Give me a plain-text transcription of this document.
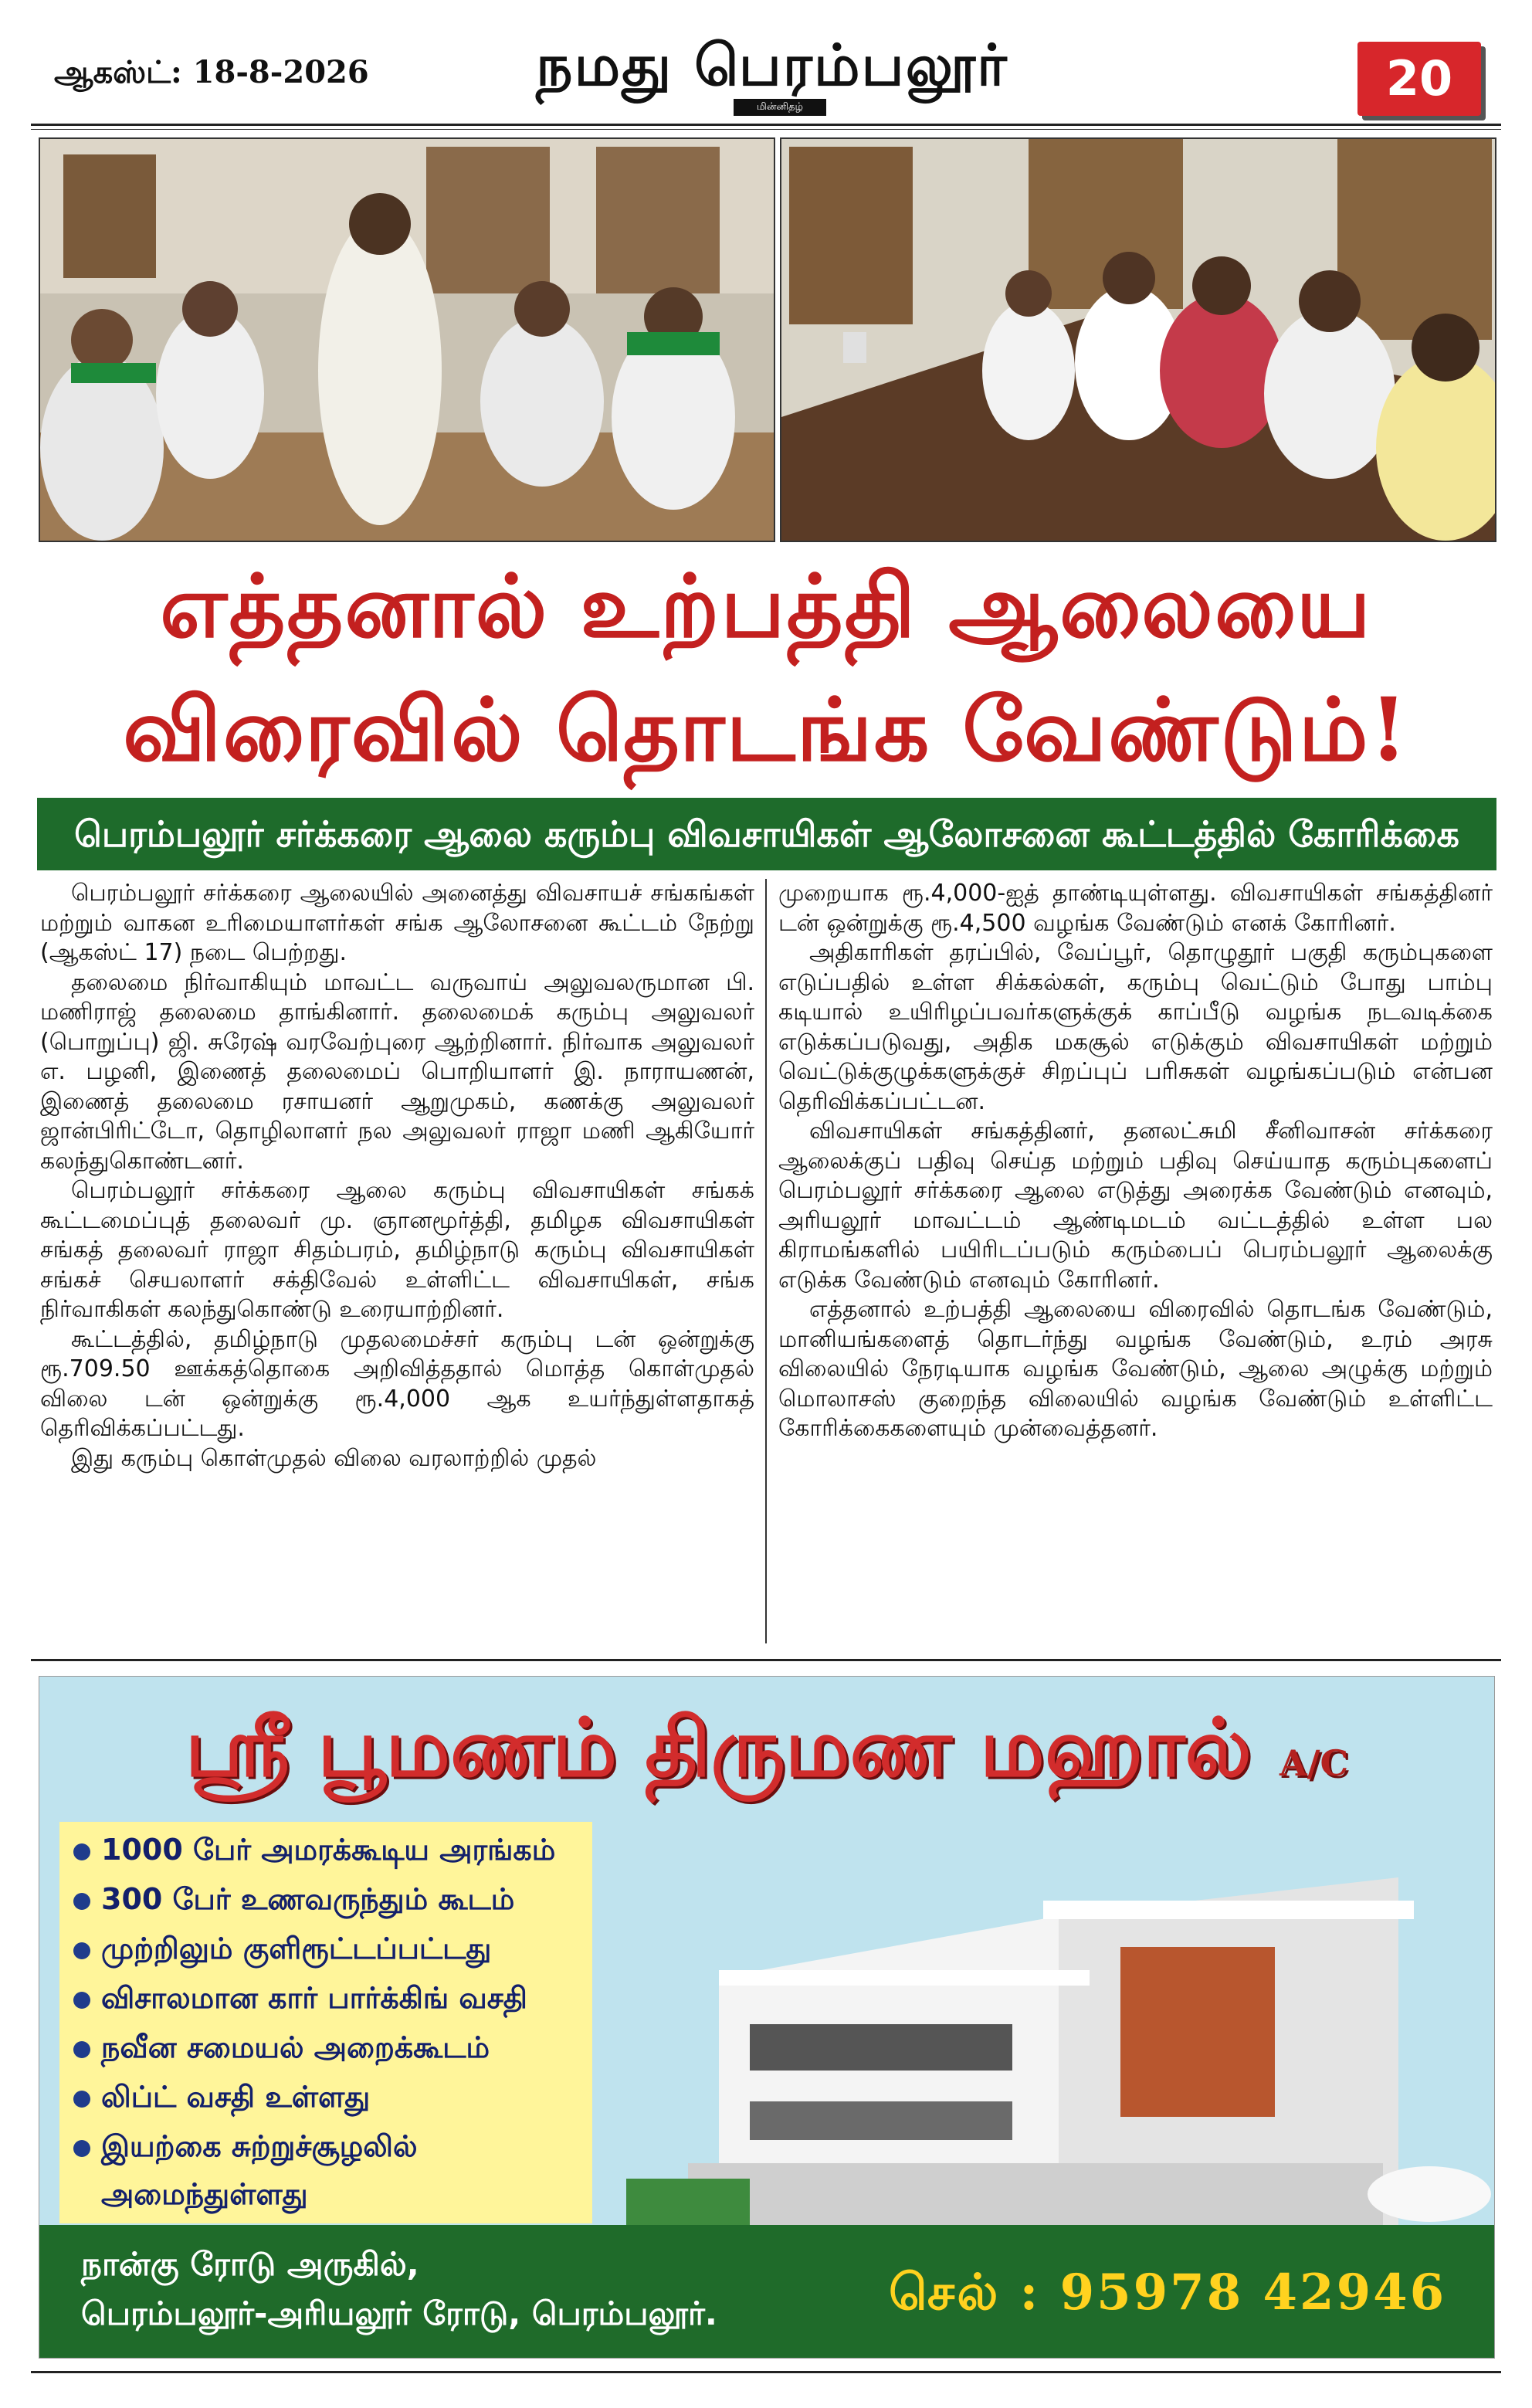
ஆகஸ்ட்: 18-8-2026	நமது பெரம்பலூர்
மின்னிதழ்
20
எத்தனால் உற்பத்தி ஆலையை
விரைவில் தொடங்க வேண்டும்!
பெரம்பலூர் சர்க்கரை ஆலை கரும்பு விவசாயிகள் ஆலோசனை கூட்டத்தில் கோரிக்கை

பெரம்பலூர் சர்க்கரை ஆலையில் அனைத்து விவசாயச் சங்கங்கள் மற்றும் வாகன உரிமையாளர்கள் சங்க ஆலோசனை கூட்டம் நேற்று (ஆகஸ்ட் 17) நடை பெற்றது.

தலைமை நிர்வாகியும் மாவட்ட வருவாய் அலுவலருமான பி. மணிராஜ் தலைமை தாங்கினார். தலைமைக் கரும்பு அலுவலர் (பொறுப்பு) ஜி. சுரேஷ் வரவேற்புரை ஆற்றினார். நிர்வாக அலுவலர் எ. பழனி, இணைத் தலைமைப் பொறியாளர் இ. நாராயணன், இணைத் தலைமை ரசாயனர் ஆறுமுகம், கணக்கு அலுவலர் ஜான்பிரிட்டோ, தொழிலாளர் நல அலுவலர் ராஜா மணி ஆகியோர் கலந்துகொண்டனர்.

பெரம்பலூர் சர்க்கரை ஆலை கரும்பு விவசாயிகள் சங்கக் கூட்டமைப்புத் தலைவர் மு. ஞானமூர்த்தி, தமிழக விவசாயிகள் சங்கத் தலைவர் ராஜா சிதம்பரம், தமிழ்நாடு கரும்பு விவசாயிகள் சங்கச் செயலாளர் சக்திவேல் உள்ளிட்ட விவசாயிகள், சங்க நிர்வாகிகள் கலந்துகொண்டு உரையாற்றினர்.

கூட்டத்தில், தமிழ்நாடு முதலமைச்சர் கரும்பு டன் ஒன்றுக்கு ரூ.709.50 ஊக்கத்தொகை அறிவித்ததால் மொத்த கொள்முதல் விலை டன் ஒன்றுக்கு ரூ.4,000 ஆக உயர்ந்துள்ளதாகத் தெரிவிக்கப்பட்டது.

இது கரும்பு கொள்முதல் விலை வரலாற்றில் முதல்

முறையாக ரூ.4,000-ஐத் தாண்டியுள்ளது. விவசாயிகள் சங்கத்தினர் டன் ஒன்றுக்கு ரூ.4,500 வழங்க வேண்டும் எனக் கோரினர்.

அதிகாரிகள் தரப்பில், வேப்பூர், தொழுதூர் பகுதி கரும்புகளை எடுப்பதில் உள்ள சிக்கல்கள், கரும்பு வெட்டும் போது பாம்பு கடியால் உயிரிழப்பவர்களுக்குக் காப்பீடு வழங்க நடவடிக்கை எடுக்கப்படுவது, அதிக மகசூல் எடுக்கும் விவசாயிகள் மற்றும் வெட்டுக்குழுக்களுக்குச் சிறப்புப் பரிசுகள் வழங்கப்படும் என்பன தெரிவிக்கப்பட்டன.

விவசாயிகள் சங்கத்தினர், தனலட்சுமி சீனிவாசன் சர்க்கரை ஆலைக்குப் பதிவு செய்த மற்றும் பதிவு செய்யாத கரும்புகளைப் பெரம்பலூர் சர்க்கரை ஆலை எடுத்து அரைக்க வேண்டும் எனவும், அரியலூர் மாவட்டம் ஆண்டிமடம் வட்டத்தில் உள்ள பல கிராமங்களில் பயிரிடப்படும் கரும்பைப் பெரம்பலூர் ஆலைக்கு எடுக்க வேண்டும் எனவும் கோரினர்.

எத்தனால் உற்பத்தி ஆலையை விரைவில் தொடங்க வேண்டும், மானியங்களைத் தொடர்ந்து வழங்க வேண்டும், உரம் அரசு விலையில் நேரடியாக வழங்க வேண்டும், ஆலை அழுக்கு மற்றும் மொலாசஸ் குறைந்த விலையில் வழங்க வேண்டும் உள்ளிட்ட கோரிக்கைகளையும் முன்வைத்தனர்.

ஸ்ரீ பூமணம் திருமண மஹால் A/C
1000 பேர் அமரக்கூடிய அரங்கம்
300 பேர் உணவருந்தும் கூடம்
முற்றிலும் குளிரூட்டப்பட்டது
விசாலமான கார் பார்க்கிங் வசதி
நவீன சமையல் அறைக்கூடம்
லிப்ட் வசதி உள்ளது
இயற்கை சுற்றுச்சூழலில்
அமைந்துள்ளது
நான்கு ரோடு அருகில்,
பெரம்பலூர்-அரியலூர் ரோடு, பெரம்பலூர்.	செல் : 95978 42946
